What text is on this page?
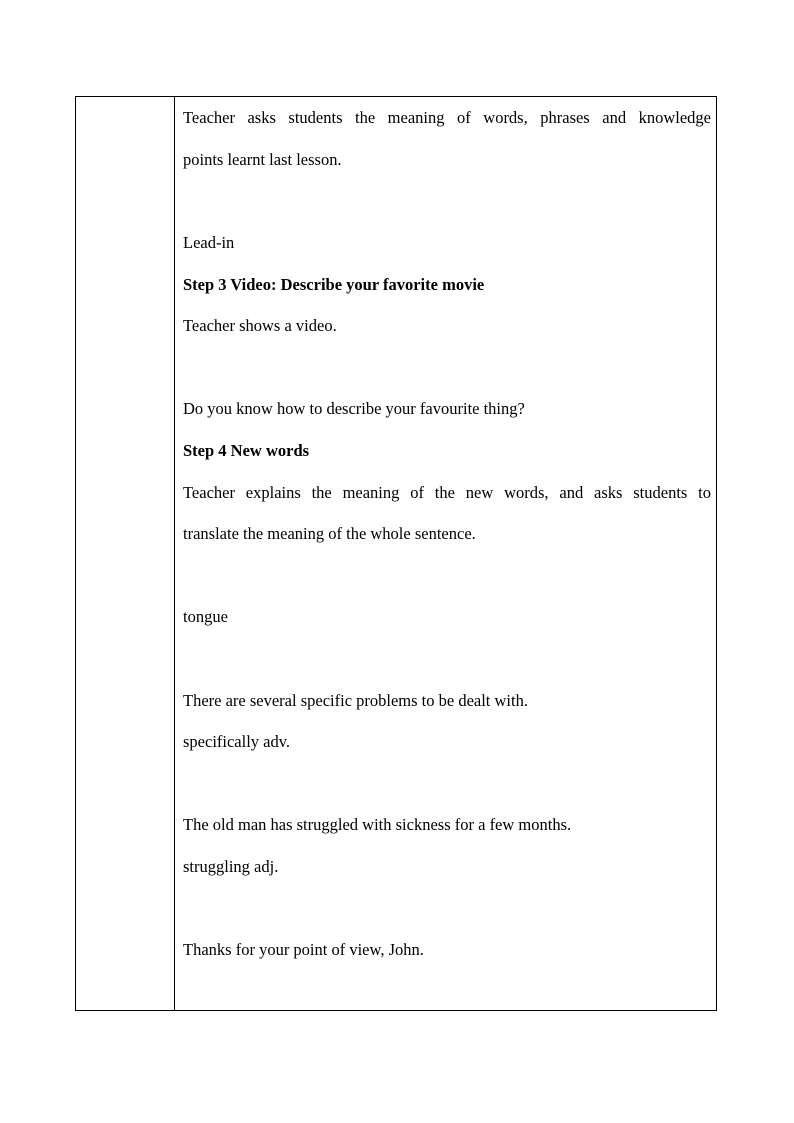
Teacher asks students the meaning of words, phrases and knowledge
points learnt last lesson.
Lead-in
Step 3 Video: Describe your favorite movie
Teacher shows a video.
Do you know how to describe your favourite thing?
Step 4 New words
Teacher explains the meaning of the new words, and asks students to
translate the meaning of the whole sentence.
tongue
There are several specific problems to be dealt with.
specifically adv.
The old man has struggled with sickness for a few months.
struggling adj.
Thanks for your point of view, John.
